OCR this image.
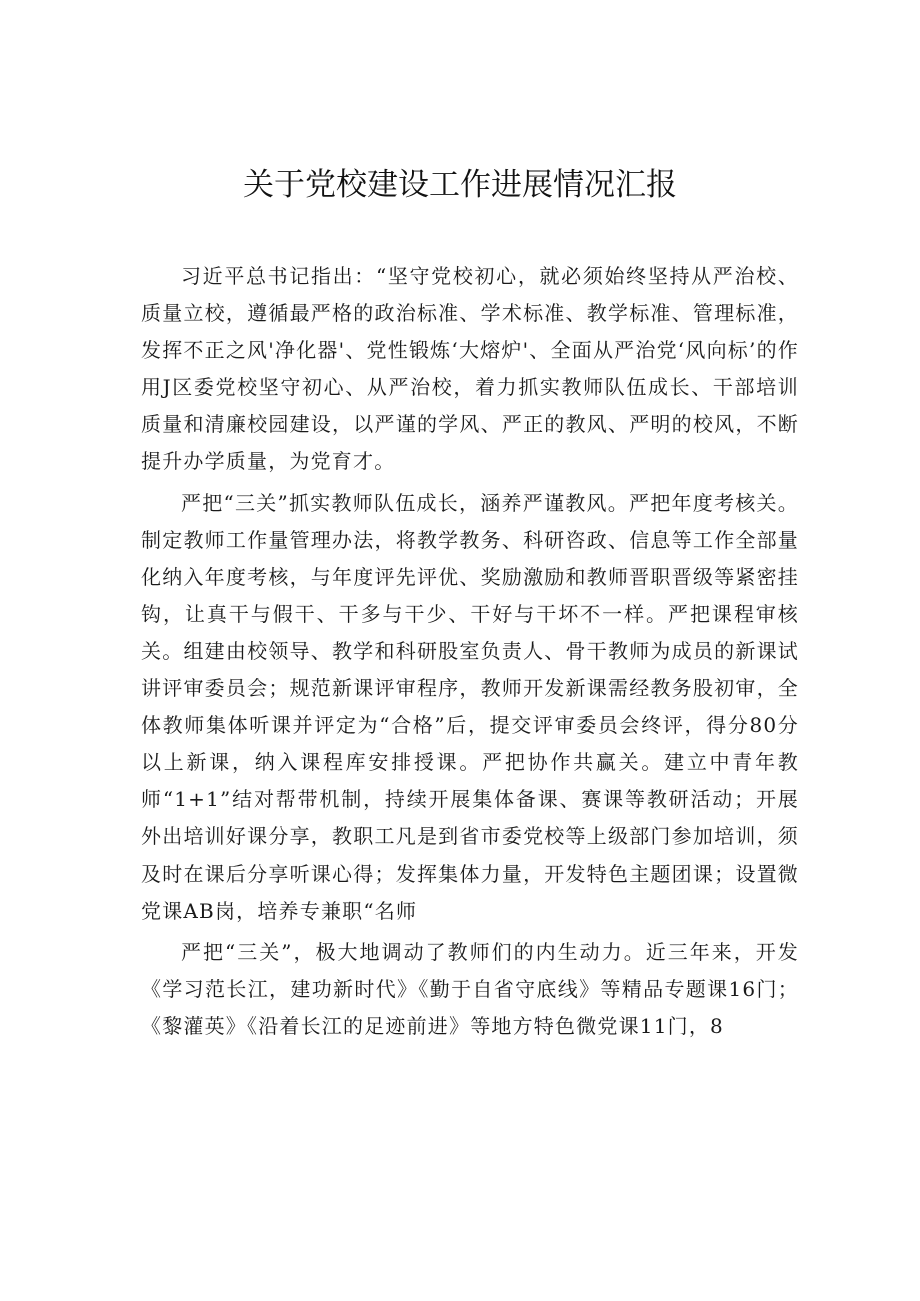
关于党校建设工作进展情况汇报

习近平总书记指出：“坚守党校初心，就必须始终坚持从严治校、质量立校，遵循最严格的政治标准、学术标准、教学标准、管理标准，发挥不正之风'净化器'、党性锻炼‘大熔炉'、全面从严治党‘风向标’的作用J区委党校坚守初心、从严治校，着力抓实教师队伍成长、干部培训质量和清廉校园建设，以严谨的学风、严正的教风、严明的校风，不断提升办学质量，为党育才。

严把“三关”抓实教师队伍成长，涵养严谨教风。严把年度考核关。制定教师工作量管理办法，将教学教务、科研咨政、信息等工作全部量化纳入年度考核，与年度评先评优、奖励激励和教师晋职晋级等紧密挂钩，让真干与假干、干多与干少、干好与干坏不一样。严把课程审核关。组建由校领导、教学和科研股室负责人、骨干教师为成员的新课试讲评审委员会；规范新课评审程序，教师开发新课需经教务股初审，全体教师集体听课并评定为“合格”后，提交评审委员会终评，得分80分以上新课，纳入课程库安排授课。严把协作共赢关。建立中青年教师“1+1”结对帮带机制，持续开展集体备课、赛课等教研活动；开展外出培训好课分享，教职工凡是到省市委党校等上级部门参加培训，须及时在课后分享听课心得；发挥集体力量，开发特色主题团课；设置微党课AB岗，培养专兼职“名师

严把“三关”，极大地调动了教师们的内生动力。近三年来，开发《学习范长江，建功新时代》《勤于自省守底线》等精品专题课16门；《黎灌英》《沿着长江的足迹前进》等地方特色微党课11门，8
